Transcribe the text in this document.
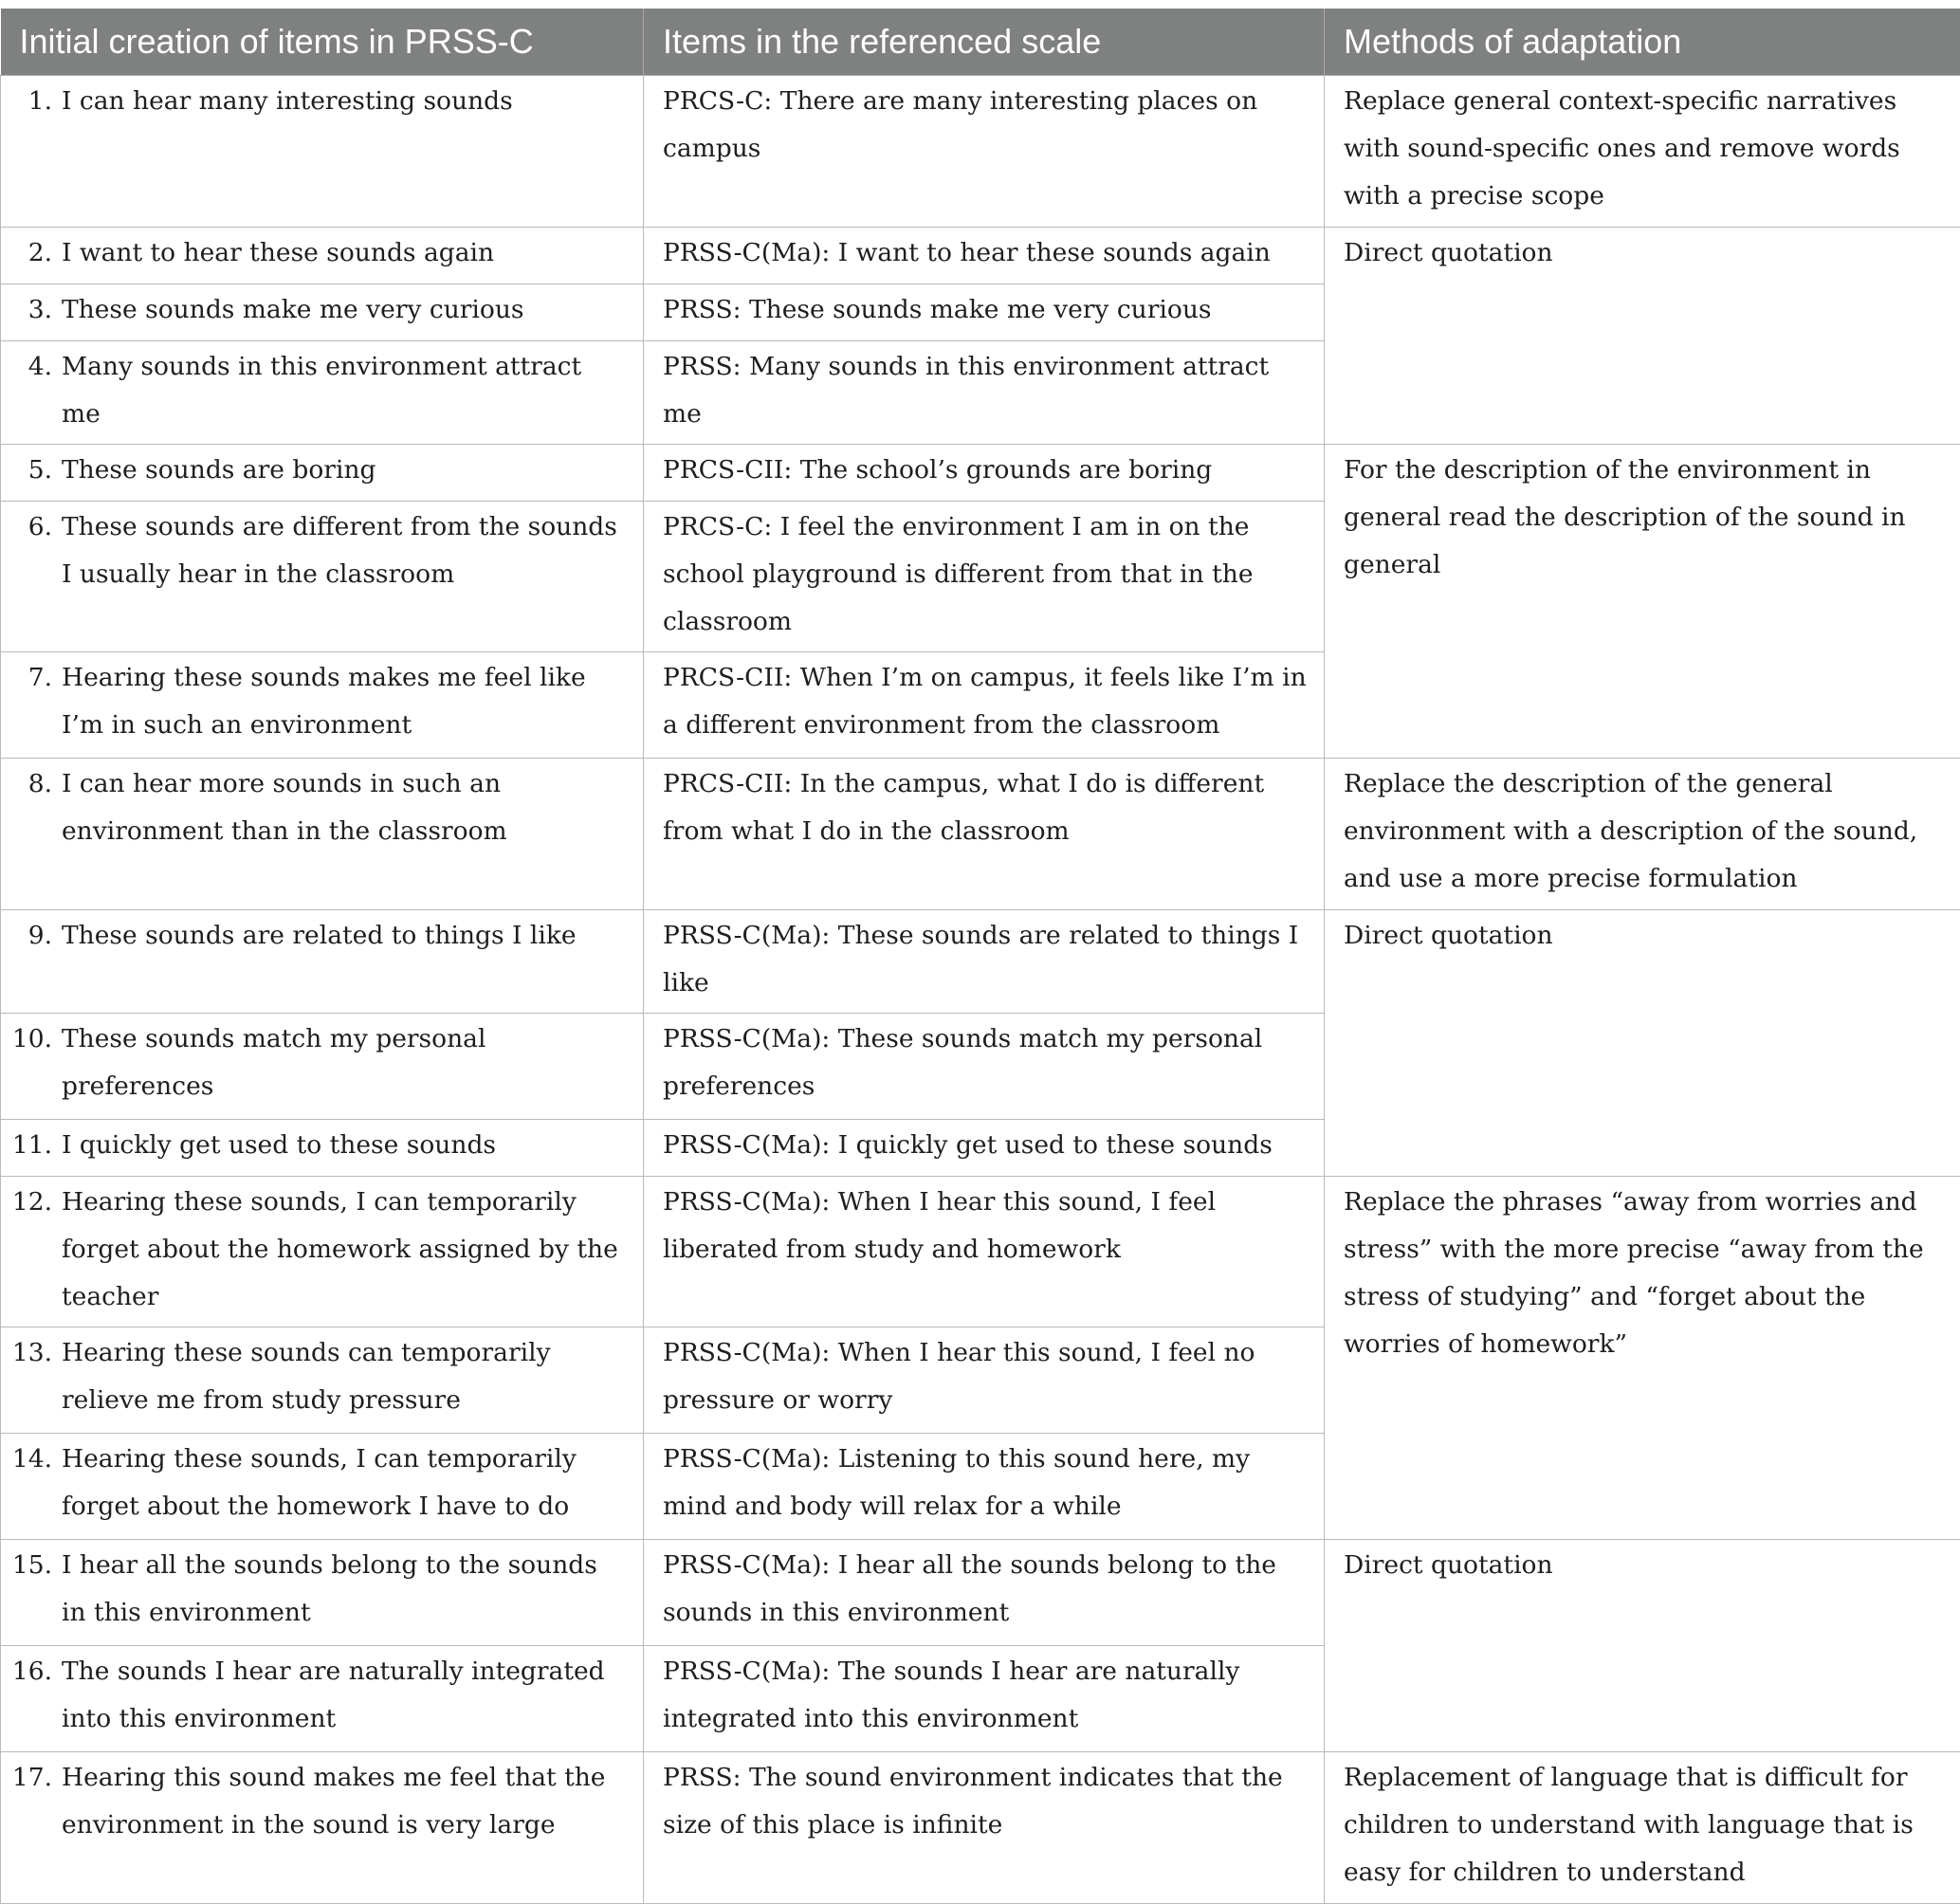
Initial creation of items in PRSS-C	Items in the referenced scale	Methods of adaptation

1. I can hear many interesting sounds	PRCS-C: There are many interesting places on campus	Replace general context-specific narratives with sound-specific ones and remove words with a precise scope

2. I want to hear these sounds again	PRSS-C(Ma): I want to hear these sounds again	Direct quotation

3. These sounds make me very curious	PRSS: These sounds make me very curious	

4. Many sounds in this environment attract me	PRSS: Many sounds in this environment attract me	

5. These sounds are boring	PRCS-CII: The school’s grounds are boring	For the description of the environment in general read the description of the sound in general

6. These sounds are different from the sounds I usually hear in the classroom	PRCS-C: I feel the environment I am in on the school playground is different from that in the classroom	

7. Hearing these sounds makes me feel like I’m in such an environment	PRCS-CII: When I’m on campus, it feels like I’m in a different environment from the classroom	

8. I can hear more sounds in such an environment than in the classroom	PRCS-CII: In the campus, what I do is different from what I do in the classroom	Replace the description of the general environment with a description of the sound, and use a more precise formulation

9. These sounds are related to things I like	PRSS-C(Ma): These sounds are related to things I like	Direct quotation

10. These sounds match my personal preferences	PRSS-C(Ma): These sounds match my personal preferences	

11. I quickly get used to these sounds	PRSS-C(Ma): I quickly get used to these sounds	

12. Hearing these sounds, I can temporarily forget about the homework assigned by the teacher	PRSS-C(Ma): When I hear this sound, I feel liberated from study and homework	Replace the phrases “away from worries and stress” with the more precise “away from the stress of studying” and “forget about the worries of homework”

13. Hearing these sounds can temporarily relieve me from study pressure	PRSS-C(Ma): When I hear this sound, I feel no pressure or worry	

14. Hearing these sounds, I can temporarily forget about the homework I have to do	PRSS-C(Ma): Listening to this sound here, my mind and body will relax for a while	

15. I hear all the sounds belong to the sounds in this environment	PRSS-C(Ma): I hear all the sounds belong to the sounds in this environment	Direct quotation

16. The sounds I hear are naturally integrated into this environment	PRSS-C(Ma): The sounds I hear are naturally integrated into this environment	

17. Hearing this sound makes me feel that the environment in the sound is very large	PRSS: The sound environment indicates that the size of this place is infinite	Replacement of language that is difficult for children to understand with language that is easy for children to understand
